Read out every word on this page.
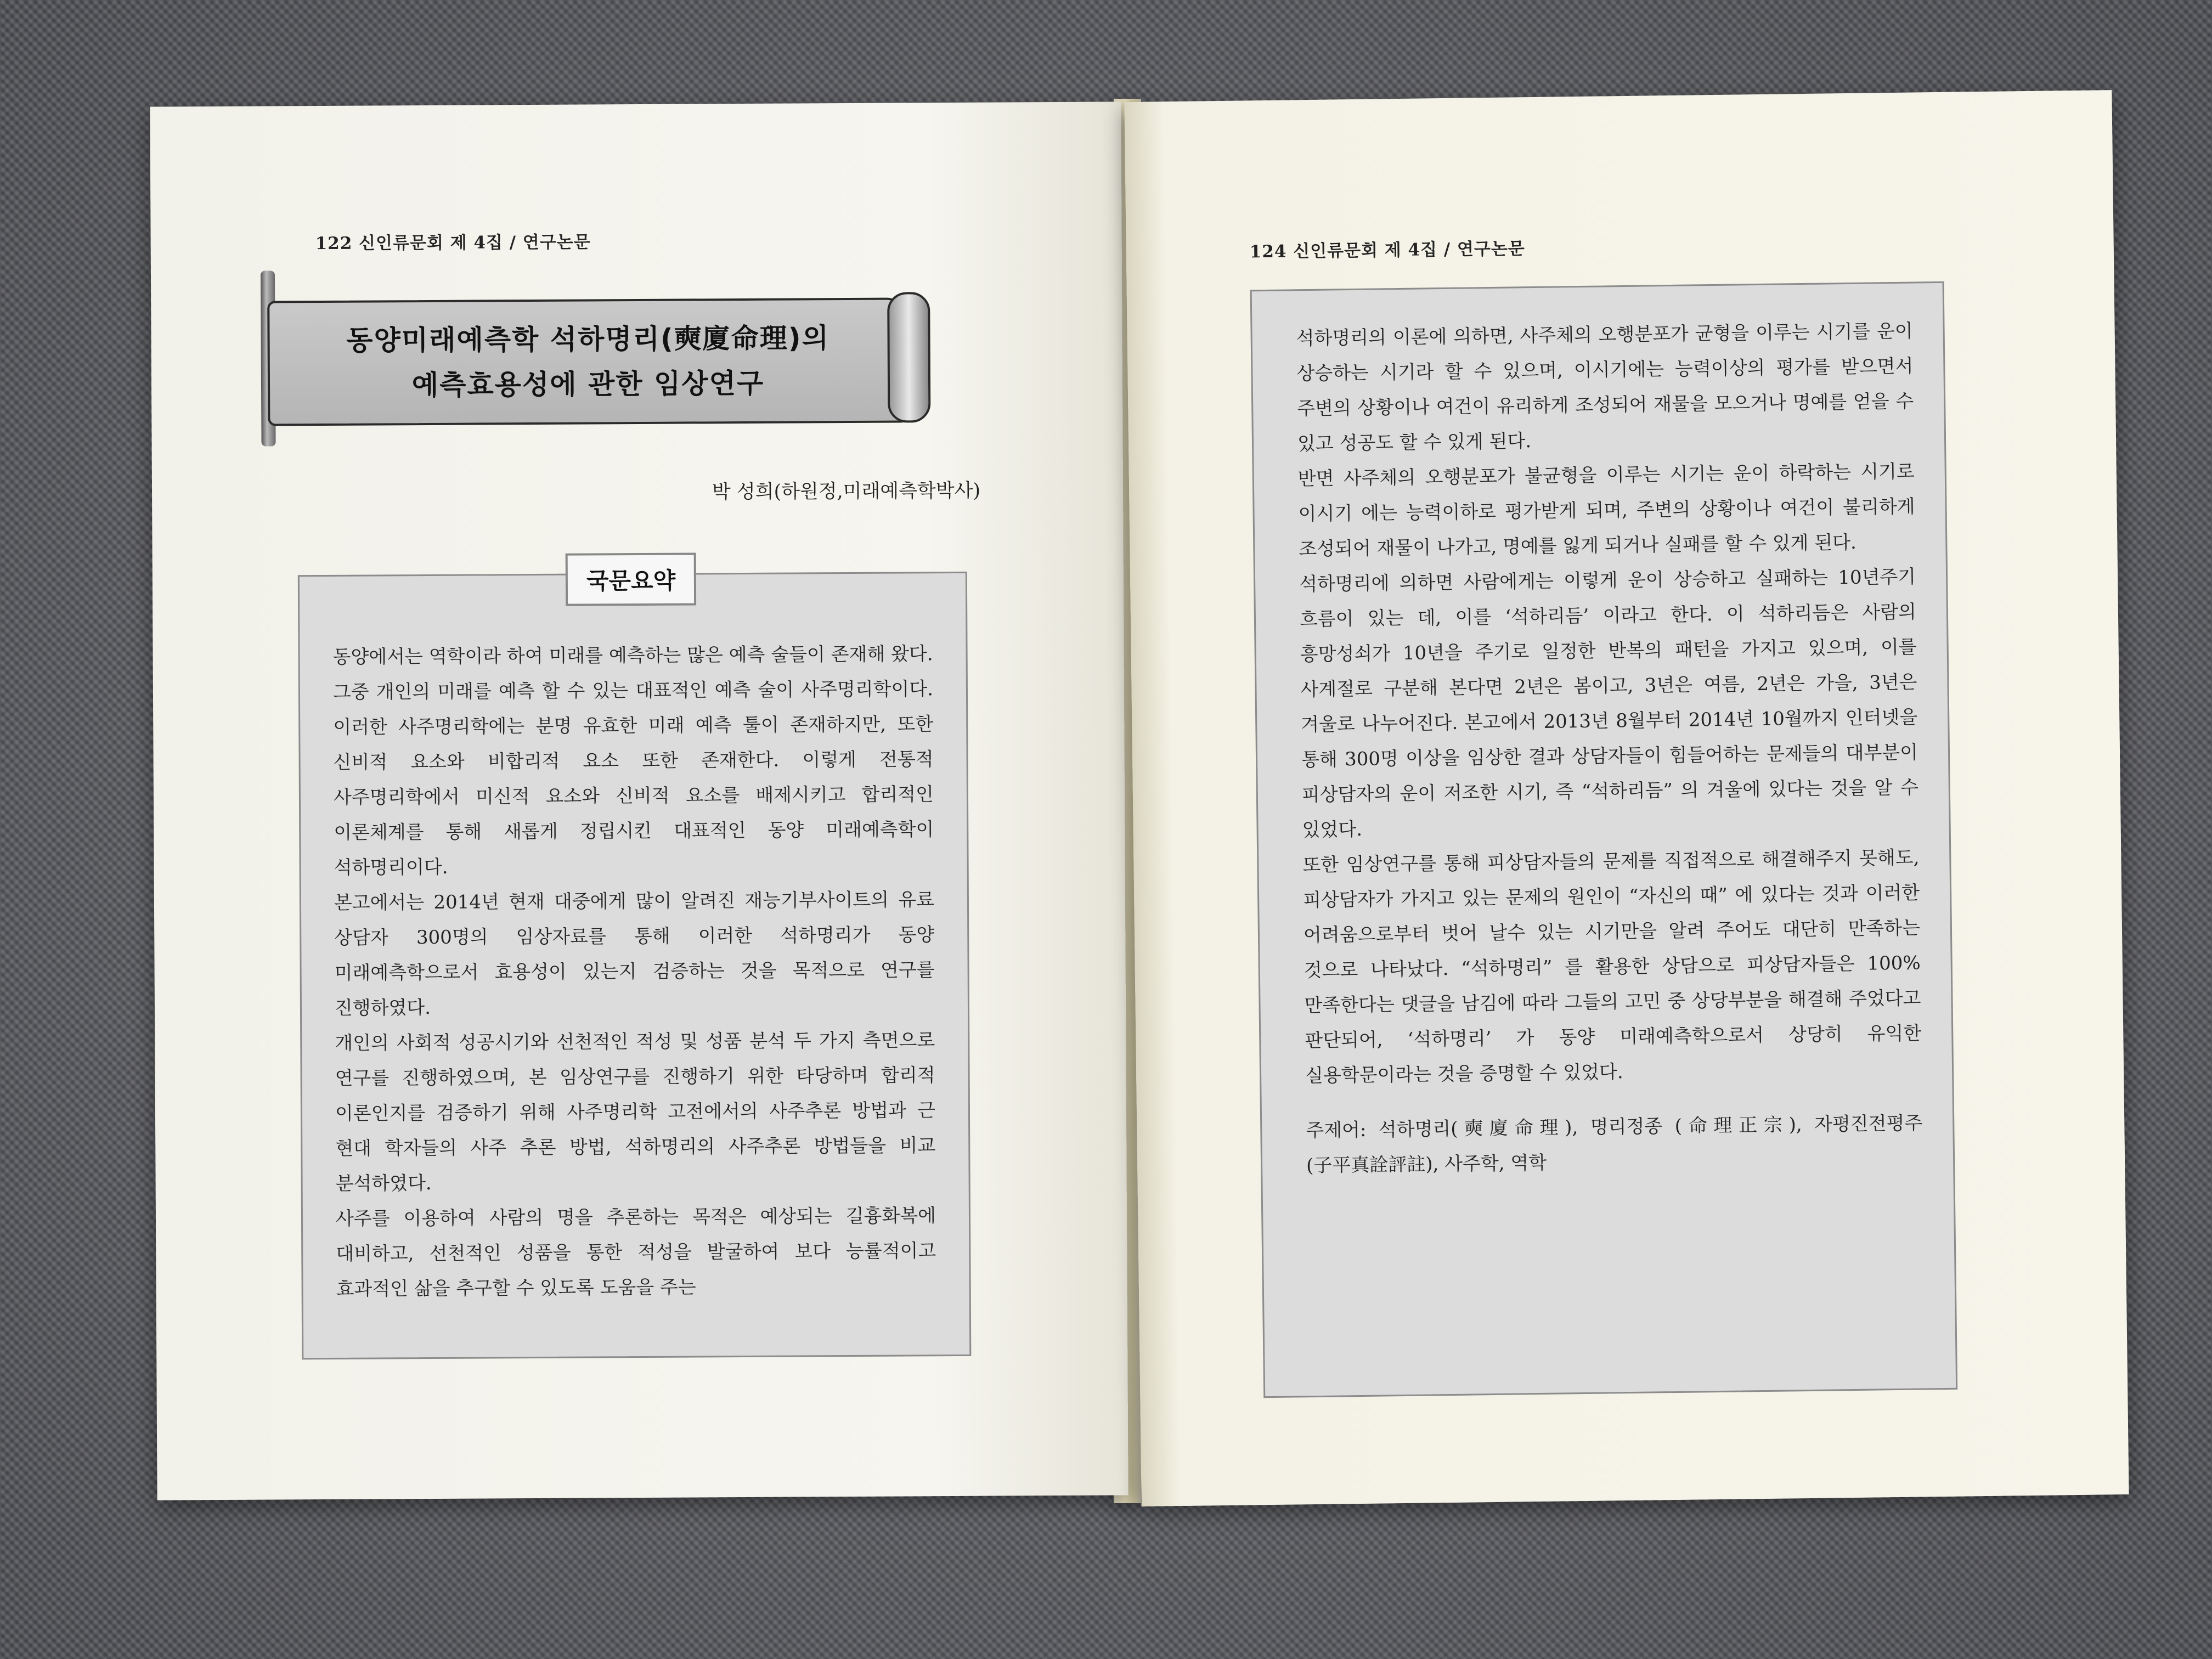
122 신인류문회 제 4집 / 연구논문
동양미래예측학 석하명리(奭廈命理)의
예측효용성에 관한 임상연구
박 성희(하원정,미래예측학박사)
국문요약

동양에서는 역학이라 하여 미래를 예측하는 많은 예측 술들이 존재해 왔다. 그중 개인의 미래를 예측 할 수 있는 대표적인 예측 술이 사주명리학이다. 이러한 사주명리학에는 분명 유효한 미래 예측 툴이 존재하지만, 또한 신비적 요소와 비합리적 요소 또한 존재한다. 이렇게 전통적 사주명리학에서 미신적 요소와 신비적 요소를 배제시키고 합리적인 이론체계를 통해 새롭게 정립시킨 대표적인 동양 미래예측학이 석하명리이다.

본고에서는 2014년 현재 대중에게 많이 알려진 재능기부사이트의 유료 상담자 300명의 임상자료를 통해 이러한 석하명리가 동양 미래예측학으로서 효용성이 있는지 검증하는 것을 목적으로 연구를 진행하였다.

개인의 사회적 성공시기와 선천적인 적성 및 성품 분석 두 가지 측면으로 연구를 진행하였으며, 본 임상연구를 진행하기 위한 타당하며 합리적 이론인지를 검증하기 위해 사주명리학 고전에서의 사주추론 방법과 근 현대 학자들의 사주 추론 방법, 석하명리의 사주추론 방법들을 비교 분석하였다.

사주를 이용하여 사람의 명을 추론하는 목적은 예상되는 길흉화복에 대비하고, 선천적인 성품을 통한 적성을 발굴하여 보다 능률적이고 효과적인 삶을 추구할 수 있도록 도움을 주는

124 신인류문회 제 4집 / 연구논문

석하명리의 이론에 의하면, 사주체의 오행분포가 균형을 이루는 시기를 운이 상승하는 시기라 할 수 있으며, 이시기에는 능력이상의 평가를 받으면서 주변의 상황이나 여건이 유리하게 조성되어 재물을 모으거나 명예를 얻을 수 있고 성공도 할 수 있게 된다.

반면 사주체의 오행분포가 불균형을 이루는 시기는 운이 하락하는 시기로 이시기 에는 능력이하로 평가받게 되며, 주변의 상황이나 여건이 불리하게 조성되어 재물이 나가고, 명예를 잃게 되거나 실패를 할 수 있게 된다.

석하명리에 의하면 사람에게는 이렇게 운이 상승하고 실패하는 10년주기 흐름이 있는 데, 이를 ‘석하리듬’ 이라고 한다. 이 석하리듬은 사람의 흥망성쇠가 10년을 주기로 일정한 반복의 패턴을 가지고 있으며, 이를 사계절로 구분해 본다면 2년은 봄이고, 3년은 여름, 2년은 가을, 3년은 겨울로 나누어진다. 본고에서 2013년 8월부터 2014년 10월까지 인터넷을 통해 300명 이상을 임상한 결과 상담자들이 힘들어하는 문제들의 대부분이 피상담자의 운이 저조한 시기, 즉 “석하리듬” 의 겨울에 있다는 것을 알 수 있었다.

또한 임상연구를 통해 피상담자들의 문제를 직접적으로 해결해주지 못해도, 피상담자가 가지고 있는 문제의 원인이 “자신의 때” 에 있다는 것과 이러한 어려움으로부터 벗어 날수 있는 시기만을 알려 주어도 대단히 만족하는 것으로 나타났다. “석하명리” 를 활용한 상담으로 피상담자들은 100% 만족한다는 댓글을 남김에 따라 그들의 고민 중 상당부분을 해결해 주었다고 판단되어, ‘석하명리’ 가 동양 미래예측학으로서 상당히 유익한 실용학문이라는 것을 증명할 수 있었다.

주제어: 석하명리(奭廈命理), 명리정종 (命理正宗), 자평진전평주(子平真詮評註), 사주학, 역학
